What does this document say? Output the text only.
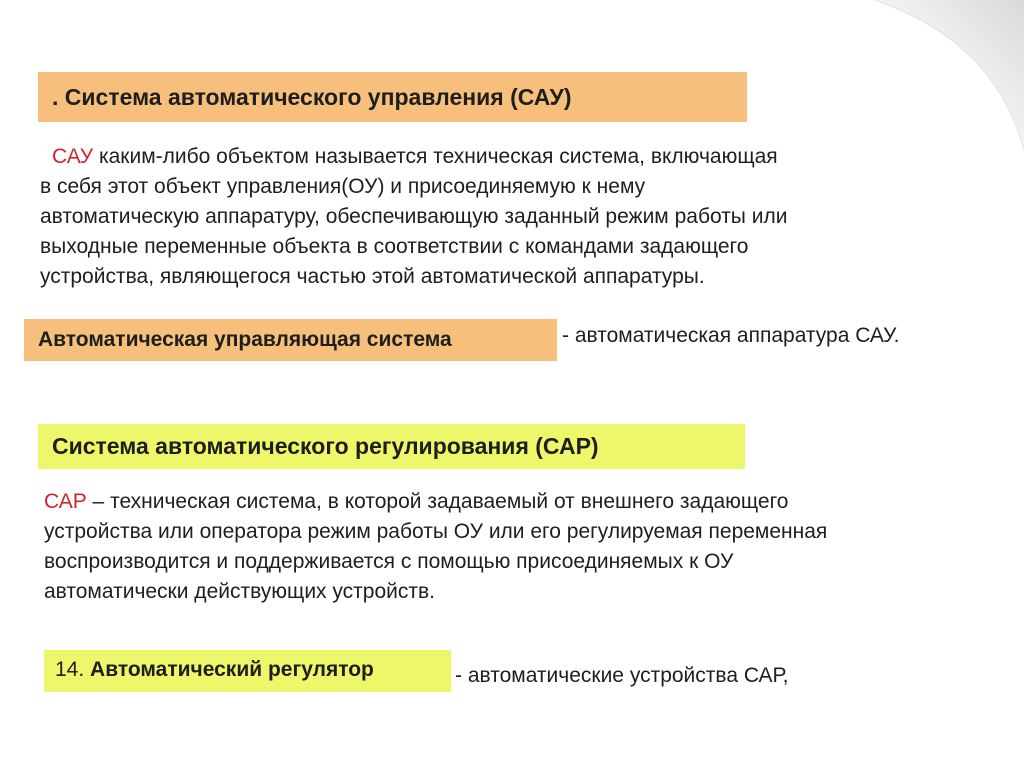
. Система автоматического управления (САУ)

САУ каким-либо объектом называется техническая система, включающая
в себя этот объект управления(ОУ) и присоединяемую к нему
автоматическую аппаратуру, обеспечивающую заданный режим работы или
выходные переменные объекта в соответствии с командами задающего
устройства, являющегося частью этой автоматической аппаратуры.

Автоматическая управляющая система	- автоматическая аппаратура САУ.
Система автоматического регулирования (САР)

САР – техническая система, в которой задаваемый от внешнего задающего
устройства или оператора режим работы ОУ или его регулируемая переменная
воспроизводится и поддерживается с помощью присоединяемых к ОУ
автоматически действующих устройств.

14. Автоматический регулятор	- автоматические устройства САР,
